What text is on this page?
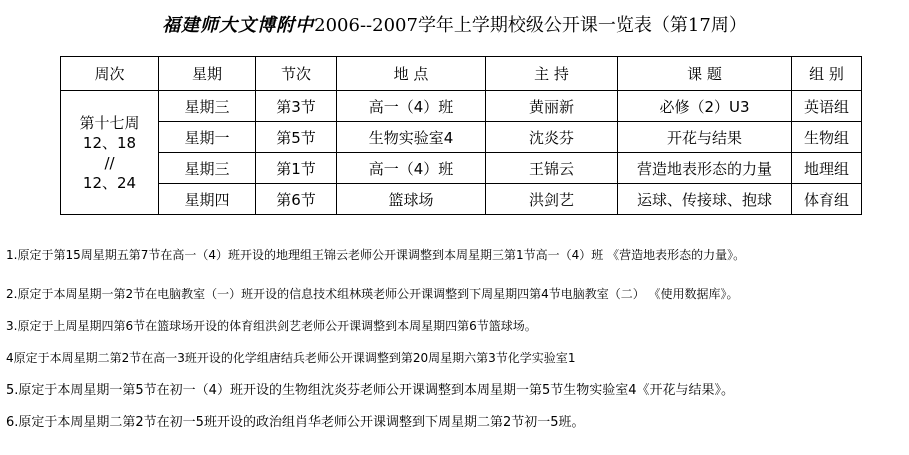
福建师大文博附中2006--2007学年上学期校级公开课一览表（第17周）
周次	星期	节次	地 点	主 持	课 题	组 别

第十七周
12、18
//
12、24	星期三	第3节	高一（4）班	黄丽新	必修（2）U3	英语组
	星期一	第5节	生物实验室4	沈炎芬	开花与结果	生物组
	星期三	第1节	高一（4）班	王锦云	营造地表形态的力量	地理组
	星期四	第6节	篮球场	洪剑艺	运球、传接球、抱球	体育组
1.原定于第15周星期五第7节在高一（4）班开设的地理组王锦云老师公开课调整到本周星期三第1节高一（4）班 《营造地表形态的力量》。
2.原定于本周星期一第2节在电脑教室（一）班开设的信息技术组林瑛老师公开课调整到下周星期四第4节电脑教室（二） 《使用数据库》。
3.原定于上周星期四第6节在篮球场开设的体育组洪剑艺老师公开课调整到本周星期四第6节篮球场。
4原定于本周星期二第2节在高一3班开设的化学组唐结兵老师公开课调整到第20周星期六第3节化学实验室1
5.原定于本周星期一第5节在初一（4）班开设的生物组沈炎芬老师公开课调整到本周星期一第5节生物实验室4《开花与结果》。
6.原定于本周星期二第2节在初一5班开设的政治组肖华老师公开课调整到下周星期二第2节初一5班。
